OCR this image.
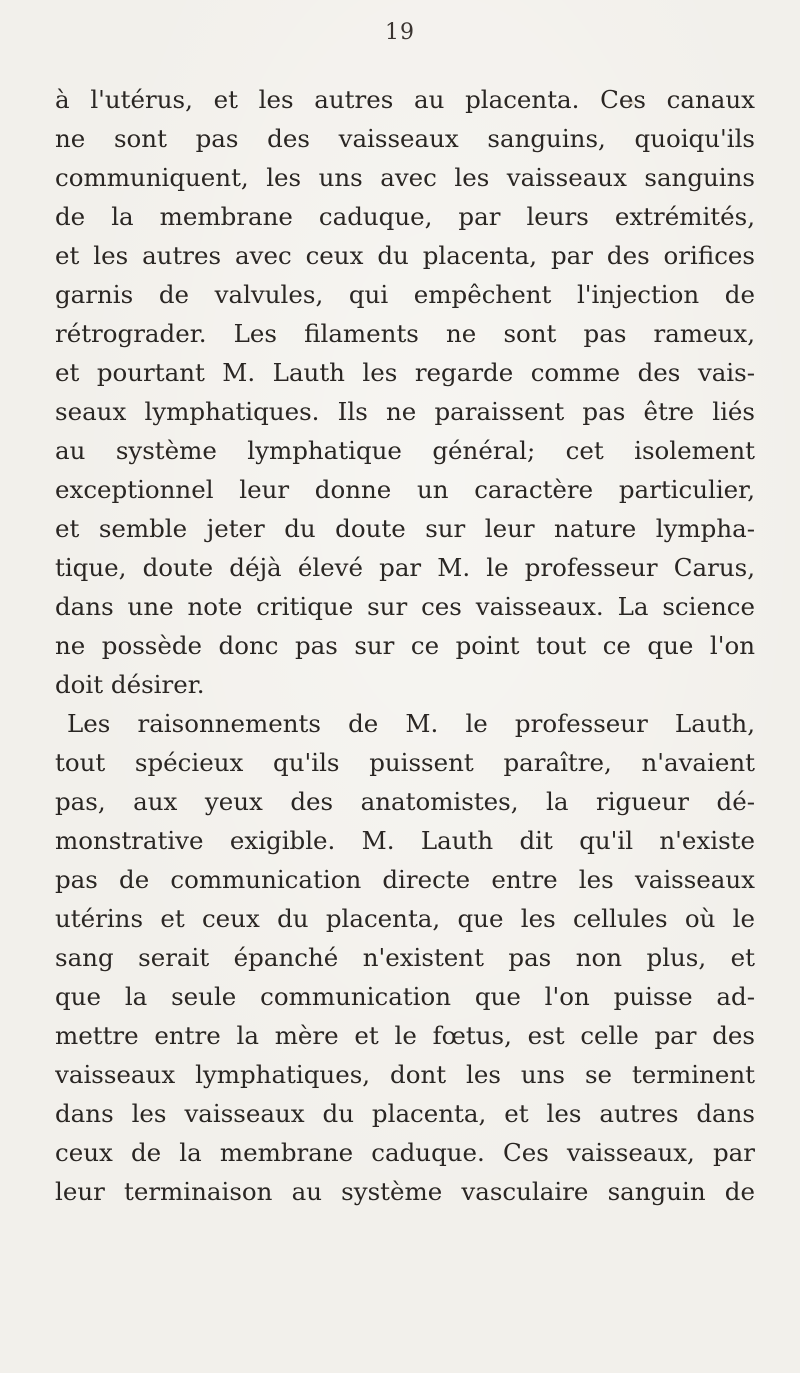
19
à l'utérus, et les autres au placenta. Ces canaux
ne sont pas des vaisseaux sanguins, quoiqu'ils
communiquent, les uns avec les vaisseaux sanguins
de la membrane caduque, par leurs extrémités,
et les autres avec ceux du placenta, par des orifices
garnis de valvules, qui empêchent l'injection de
rétrograder. Les filaments ne sont pas rameux,
et pourtant M. Lauth les regarde comme des vais-
seaux lymphatiques. Ils ne paraissent pas être liés
au système lymphatique général; cet isolement
exceptionnel leur donne un caractère particulier,
et semble jeter du doute sur leur nature lympha-
tique, doute déjà élevé par M. le professeur Carus,
dans une note critique sur ces vaisseaux. La science
ne possède donc pas sur ce point tout ce que l'on
doit désirer.
Les raisonnements de M. le professeur Lauth,
tout spécieux qu'ils puissent paraître, n'avaient
pas, aux yeux des anatomistes, la rigueur dé-
monstrative exigible. M. Lauth dit qu'il n'existe
pas de communication directe entre les vaisseaux
utérins et ceux du placenta, que les cellules où le
sang serait épanché n'existent pas non plus, et
que la seule communication que l'on puisse ad-
mettre entre la mère et le fœtus, est celle par des
vaisseaux lymphatiques, dont les uns se terminent
dans les vaisseaux du placenta, et les autres dans
ceux de la membrane caduque. Ces vaisseaux, par
leur terminaison au système vasculaire sanguin de
